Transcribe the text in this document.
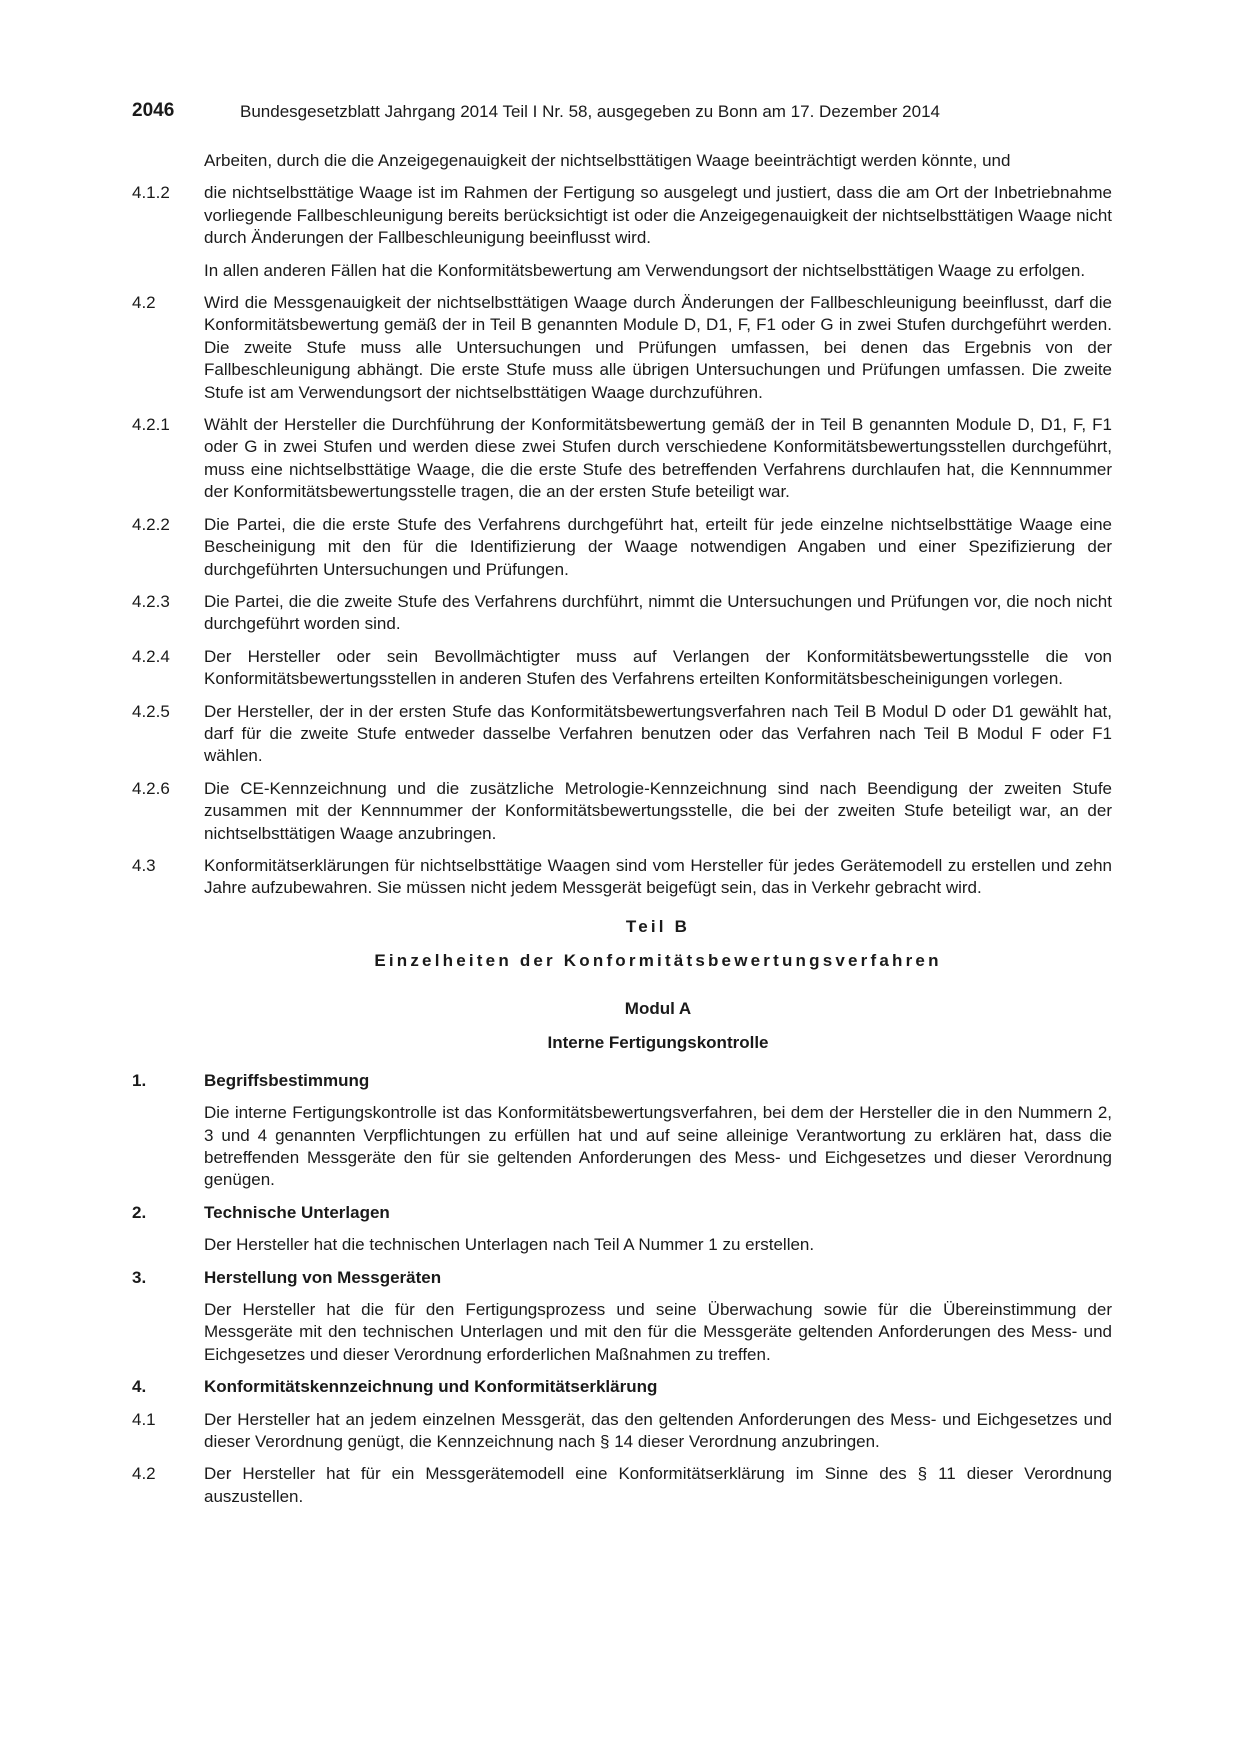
2046	Bundesgesetzblatt Jahrgang 2014 Teil I Nr. 58, ausgegeben zu Bonn am 17. Dezember 2014
Arbeiten, durch die die Anzeigegenauigkeit der nichtselbsttätigen Waage beeinträchtigt werden könnte, und
4.1.2	die nichtselbsttätige Waage ist im Rahmen der Fertigung so ausgelegt und justiert, dass die am Ort der Inbetriebnahme vorliegende Fallbeschleunigung bereits berücksichtigt ist oder die Anzeigegenauigkeit der nichtselbsttätigen Waage nicht durch Änderungen der Fallbeschleunigung beeinflusst wird.
In allen anderen Fällen hat die Konformitätsbewertung am Verwendungsort der nichtselbsttätigen Waage zu erfolgen.
4.2	Wird die Messgenauigkeit der nichtselbsttätigen Waage durch Änderungen der Fallbeschleunigung beeinflusst, darf die Konformitätsbewertung gemäß der in Teil B genannten Module D, D1, F, F1 oder G in zwei Stufen durchgeführt werden. Die zweite Stufe muss alle Untersuchungen und Prüfungen umfassen, bei denen das Ergebnis von der Fallbeschleunigung abhängt. Die erste Stufe muss alle übrigen Untersuchungen und Prüfungen umfassen. Die zweite Stufe ist am Verwendungsort der nichtselbsttätigen Waage durchzuführen.
4.2.1	Wählt der Hersteller die Durchführung der Konformitätsbewertung gemäß der in Teil B genannten Module D, D1, F, F1 oder G in zwei Stufen und werden diese zwei Stufen durch verschiedene Konformitätsbewertungsstellen durchgeführt, muss eine nichtselbsttätige Waage, die die erste Stufe des betreffenden Verfahrens durchlaufen hat, die Kennnummer der Konformitätsbewertungsstelle tragen, die an der ersten Stufe beteiligt war.
4.2.2	Die Partei, die die erste Stufe des Verfahrens durchgeführt hat, erteilt für jede einzelne nichtselbsttätige Waage eine Bescheinigung mit den für die Identifizierung der Waage notwendigen Angaben und einer Spezifizierung der durchgeführten Untersuchungen und Prüfungen.
4.2.3	Die Partei, die die zweite Stufe des Verfahrens durchführt, nimmt die Untersuchungen und Prüfungen vor, die noch nicht durchgeführt worden sind.
4.2.4	Der Hersteller oder sein Bevollmächtigter muss auf Verlangen der Konformitätsbewertungsstelle die von Konformitätsbewertungsstellen in anderen Stufen des Verfahrens erteilten Konformitätsbescheinigungen vorlegen.
4.2.5	Der Hersteller, der in der ersten Stufe das Konformitätsbewertungsverfahren nach Teil B Modul D oder D1 gewählt hat, darf für die zweite Stufe entweder dasselbe Verfahren benutzen oder das Verfahren nach Teil B Modul F oder F1 wählen.
4.2.6	Die CE-Kennzeichnung und die zusätzliche Metrologie-Kennzeichnung sind nach Beendigung der zweiten Stufe zusammen mit der Kennnummer der Konformitätsbewertungsstelle, die bei der zweiten Stufe beteiligt war, an der nichtselbsttätigen Waage anzubringen.
4.3	Konformitätserklärungen für nichtselbsttätige Waagen sind vom Hersteller für jedes Gerätemodell zu erstellen und zehn Jahre aufzubewahren. Sie müssen nicht jedem Messgerät beigefügt sein, das in Verkehr gebracht wird.
Teil B
Einzelheiten der Konformitätsbewertungsverfahren
Modul A
Interne Fertigungskontrolle
1.	Begriffsbestimmung
Die interne Fertigungskontrolle ist das Konformitätsbewertungsverfahren, bei dem der Hersteller die in den Nummern 2, 3 und 4 genannten Verpflichtungen zu erfüllen hat und auf seine alleinige Verantwortung zu erklären hat, dass die betreffenden Messgeräte den für sie geltenden Anforderungen des Mess- und Eichgesetzes und dieser Verordnung genügen.
2.	Technische Unterlagen
Der Hersteller hat die technischen Unterlagen nach Teil A Nummer 1 zu erstellen.
3.	Herstellung von Messgeräten
Der Hersteller hat die für den Fertigungsprozess und seine Überwachung sowie für die Übereinstimmung der Messgeräte mit den technischen Unterlagen und mit den für die Messgeräte geltenden Anforderungen des Mess- und Eichgesetzes und dieser Verordnung erforderlichen Maßnahmen zu treffen.
4.	Konformitätskennzeichnung und Konformitätserklärung
4.1	Der Hersteller hat an jedem einzelnen Messgerät, das den geltenden Anforderungen des Mess- und Eichgesetzes und dieser Verordnung genügt, die Kennzeichnung nach § 14 dieser Verordnung anzubringen.
4.2	Der Hersteller hat für ein Messgerätemodell eine Konformitätserklärung im Sinne des § 11 dieser Verordnung auszustellen.
